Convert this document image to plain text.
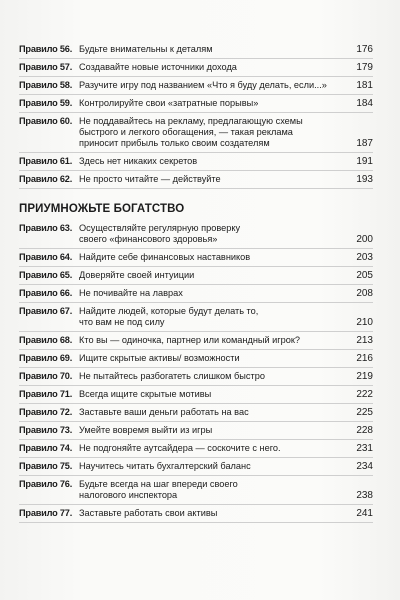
Правило 56. Будьте внимательны к деталям	176
Правило 57. Создавайте новые источники дохода	179
Правило 58. Разучите игру под названием «Что я буду делать, если...»	181
Правило 59. Контролируйте свои «затратные порывы»	184
Правило 60. Не поддавайтесь на рекламу, предлагающую схемы
быстрого и легкого обогащения, — такая реклама
приносит прибыль только своим создателям	187
Правило 61. Здесь нет никаких секретов	191
Правило 62. Не просто читайте — действуйте	193
ПРИУМНОЖЬТЕ БОГАТСТВО
Правило 63. Осуществляйте регулярную проверку
своего «финансового здоровья»	200
Правило 64. Найдите себе финансовых наставников	203
Правило 65. Доверяйте своей интуиции	205
Правило 66. Не почивайте на лаврах	208
Правило 67. Найдите людей, которые будут делать то,
что вам не под силу	210
Правило 68. Кто вы — одиночка, партнер или командный игрок?	213
Правило 69. Ищите скрытые активы/ возможности	216
Правило 70. Не пытайтесь разбогатеть слишком быстро	219
Правило 71. Всегда ищите скрытые мотивы	222
Правило 72. Заставьте ваши деньги работать на вас	225
Правило 73. Умейте вовремя выйти из игры	228
Правило 74. Не подгоняйте аутсайдера — соскочите с него.	231
Правило 75. Научитесь читать бухгалтерский баланс	234
Правило 76. Будьте всегда на шаг впереди своего
налогового инспектора	238
Правило 77. Заставьте работать свои активы	241
